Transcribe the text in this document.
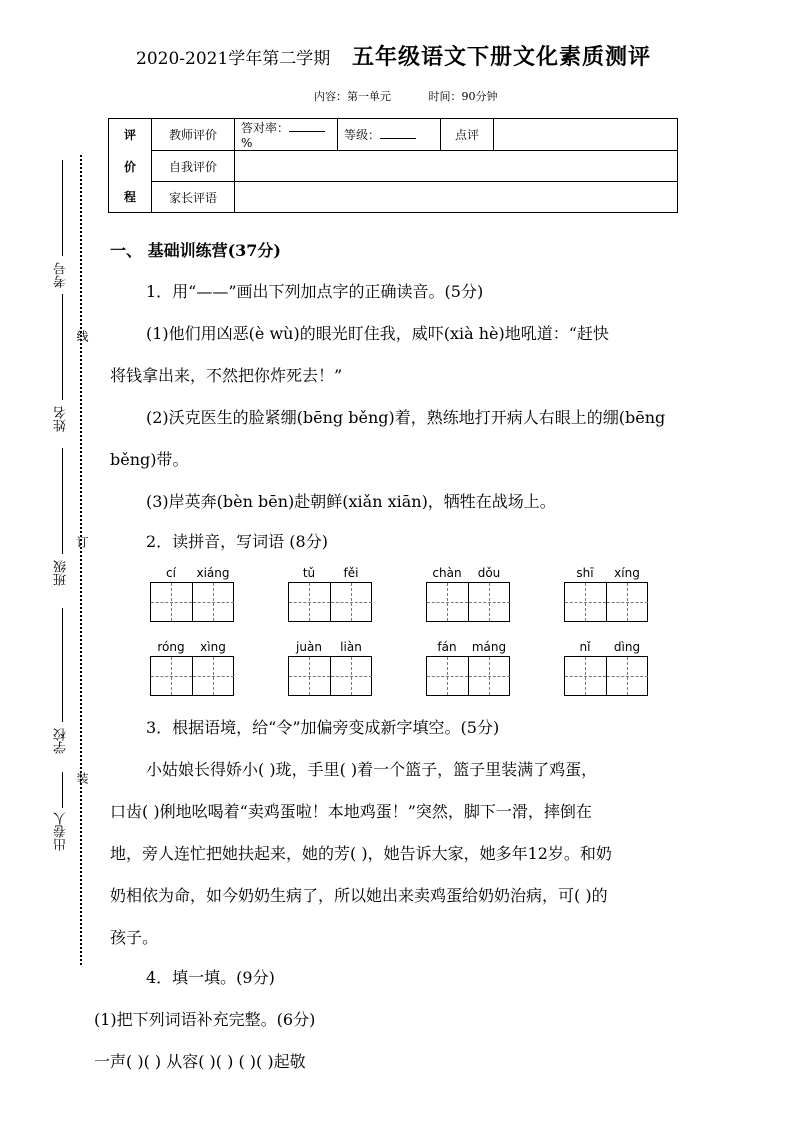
2020-2021学年第二学期 五年级语文下册文化素质测评
内容：第一单元	时间：90分钟
评	教师评价	答对率：%	等级：	点评	
价	自我评价				
程	家长评语				
考号
姓名
班级
学校
出卷人
线
订
装
一、 基础训练营(37分)
1．用“——”画出下列加点字的正确读音。(5分)
(1)他们用凶恶(è wù)的眼光盯住我，威吓(xià hè)地吼道：“赶快
将钱拿出来，不然把你炸死去！”
(2)沃克医生的脸紧绷(bēng běng)着，熟练地打开病人右眼上的绷(bēng
běng)带。
(3)岸英奔(bèn bēn)赴朝鲜(xiǎn xiān)，牺牲在战场上。
2．读拼音，写词语 (8分)
cí	xiáng	tǔ	fěi	chàn	dǒu	shī	xíng
róng	xìng	juàn	liàn	fán	máng	nǐ	dìng
3．根据语境，给“令”加偏旁变成新字填空。(5分)
小姑娘长得娇小( )珑，手里( )着一个篮子，篮子里装满了鸡蛋，
口齿( )俐地吆喝着“卖鸡蛋啦！本地鸡蛋！”突然，脚下一滑，摔倒在
地，旁人连忙把她扶起来，她的芳( )，她告诉大家，她多年12岁。和奶
奶相依为命，如今奶奶生病了，所以她出来卖鸡蛋给奶奶治病，可( )的
孩子。
4．填一填。(9分)
(1)把下列词语补充完整。(6分)
一声( )( ) 从容( )( ) ( )( )起敬
